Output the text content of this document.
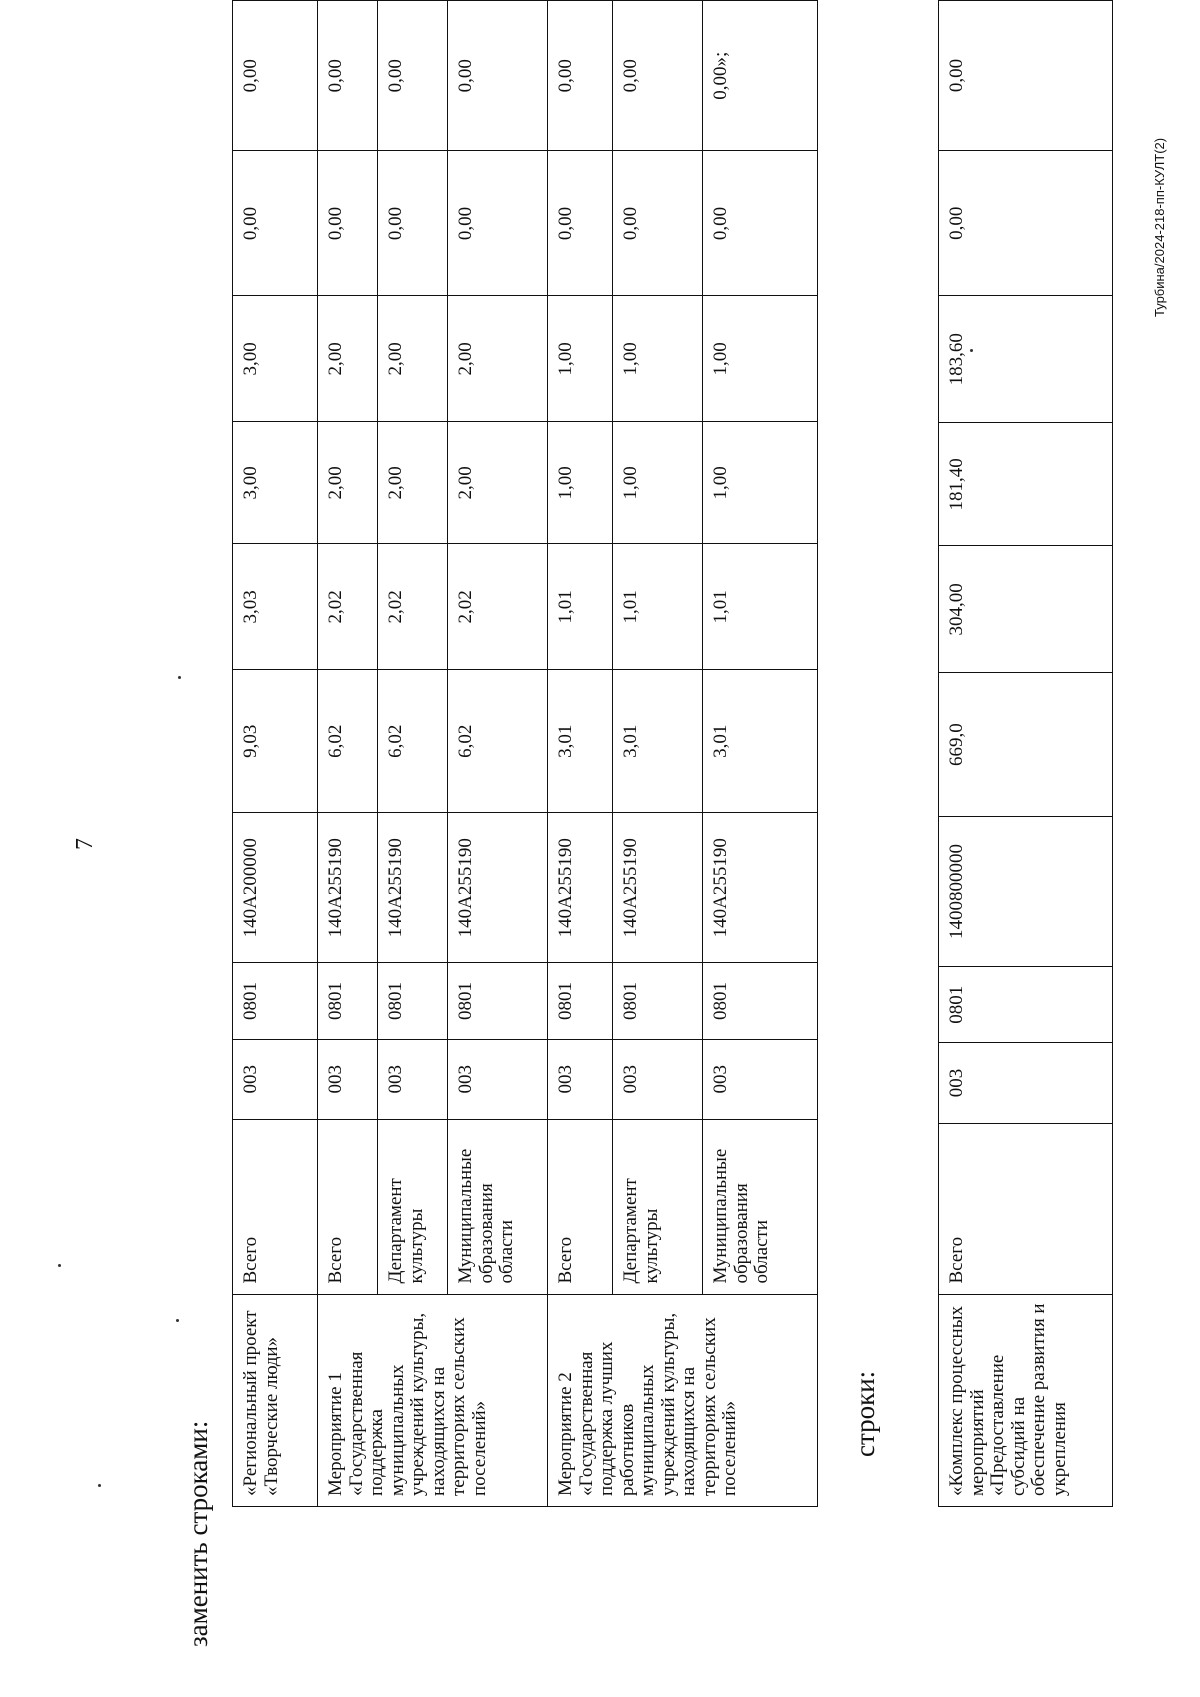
7
заменить строками:
«Региональный проект «Творческие люди»	Всего	003	0801	140A200000	9,03	3,03	3,00	3,00	0,00	0,00
Мероприятие 1 «Государственная поддержка муниципальных учреждений культуры, находящихся на территориях сельских поселений»	Всего	003	0801	140A255190	6,02	2,02	2,00	2,00	0,00	0,00
	Департамент культуры	003	0801	140A255190	6,02	2,02	2,00	2,00	0,00	0,00
	Муниципальные образования области	003	0801	140A255190	6,02	2,02	2,00	2,00	0,00	0,00
Мероприятие 2 «Государственная поддержка лучших работников муниципальных учреждений культуры, находящихся на территориях сельских поселений»	Всего	003	0801	140A255190	3,01	1,01	1,00	1,00	0,00	0,00
	Департамент культуры	003	0801	140A255190	3,01	1,01	1,00	1,00	0,00	0,00
	Муниципальные образования области	003	0801	140A255190	3,01	1,01	1,00	1,00	0,00	0,00»;
строки:	«Комплекс процессных мероприятий «Предоставление субсидий на обеспечение развития и укрепления	Всего	003	0801	1400800000	669,0	304,00	181,40	183,60	0,00	0,00
Турбина/2024-218-пп-КУЛТ(2)
